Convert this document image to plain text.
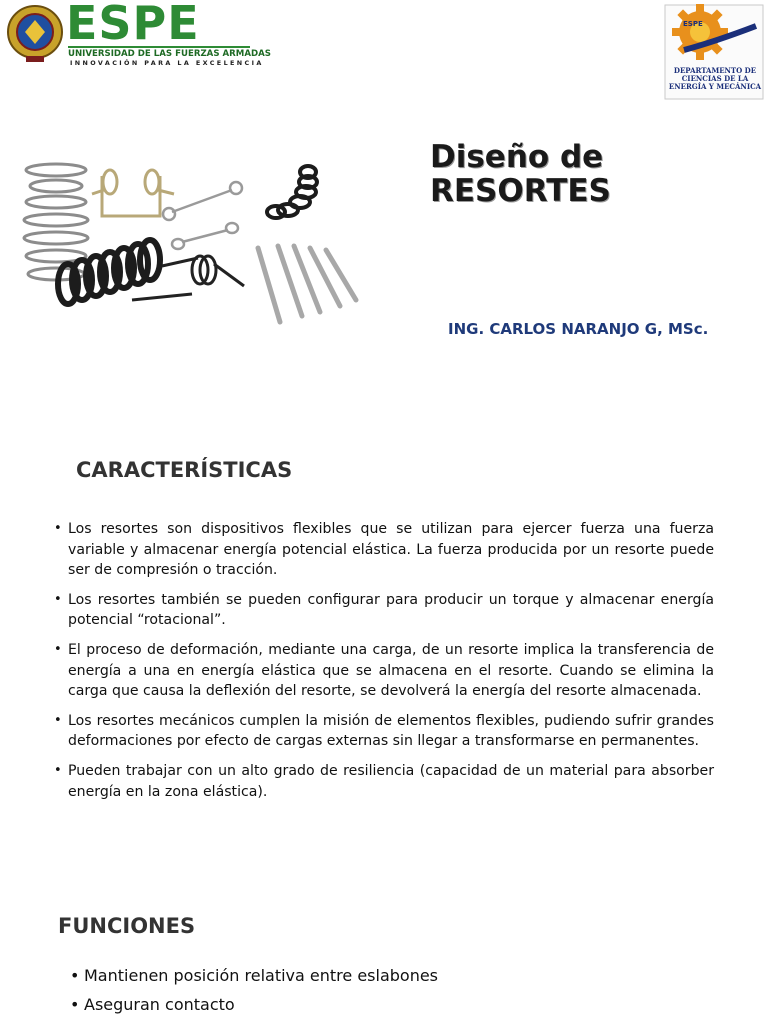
ESPE
UNIVERSIDAD DE LAS FUERZAS ARMADAS
INNOVACIÓN PARA LA EXCELENCIA
ESPE
DEPARTAMENTO DE CIENCIAS DE LA ENERGÍA Y MECÁNICA
Diseño de
RESORTES
ING. CARLOS NARANJO G, MSc.
CARACTERÍSTICAS
• Los resortes son dispositivos flexibles que se utilizan para ejercer fuerza una fuerza variable y almacenar energía potencial elástica. La fuerza producida por un resorte puede ser de compresión o tracción.
• Los resortes también se pueden configurar para producir un torque y almacenar energía potencial “rotacional”.
• El proceso de deformación, mediante una carga, de un resorte implica la transferencia de energía a una en energía elástica que se almacena en el resorte. Cuando se elimina la carga que causa la deflexión del resorte, se devolverá la energía del resorte almacenada.
• Los resortes mecánicos cumplen la misión de elementos flexibles, pudiendo sufrir grandes deformaciones por efecto de cargas externas sin llegar a transformarse en permanentes.
• Pueden trabajar con un alto grado de resiliencia (capacidad de un material para absorber energía en la zona elástica).
FUNCIONES
• Mantienen posición relativa entre eslabones
• Aseguran contacto
